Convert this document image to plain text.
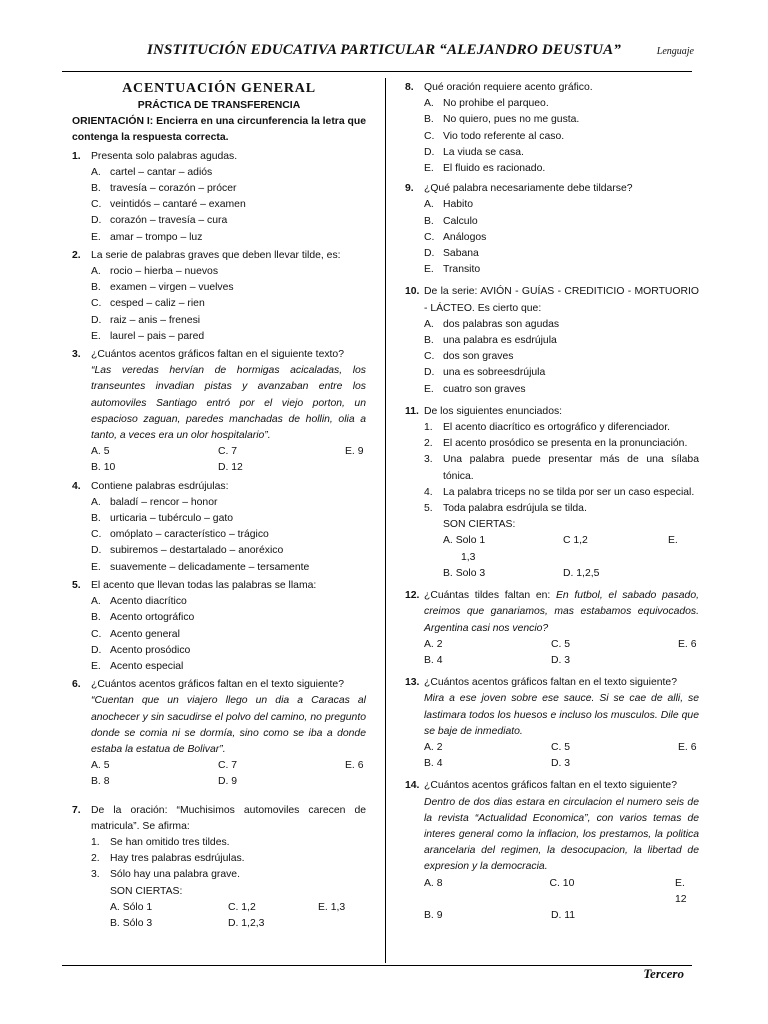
INSTITUCIÓN EDUCATIVA PARTICULAR “ALEJANDRO DEUSTUA”	Lenguaje
ACENTUACIÓN GENERAL
PRÁCTICA DE TRANSFERENCIA
ORIENTACIÓN I: Encierra en una circunferencia la letra que contenga la respuesta correcta.
1. Presenta solo palabras agudas.
A. cartel – cantar – adiós
B. travesía – corazón – prócer
C. veintidós – cantaré – examen
D. corazón – travesía – cura
E. amar – trompo – luz
2. La serie de palabras graves que deben llevar tilde, es:
A. rocio – hierba – nuevos
B. examen – virgen – vuelves
C. cesped – caliz – rien
D. raiz – anis – frenesi
E. laurel – pais – pared
3. ¿Cuántos acentos gráficos faltan en el siguiente texto?
“Las veredas hervían de hormigas acicaladas, los transeuntes invadian pistas y avanzaban entre los automoviles Santiago entró por el viejo porton, un espacioso zaguan, paredes manchadas de hollin, olia a tanto, a veces era un olor hospitalario”.
A. 5	C. 7	E. 9
B. 10	D. 12
4. Contiene palabras esdrújulas:
A. baladí – rencor – honor
B. urticaria – tubérculo – gato
C. omóplato – característico – trágico
D. subiremos – destartalado – anoréxico
E. suavemente – delicadamente – tersamente
5. El acento que llevan todas las palabras se llama:
A. Acento diacrítico
B. Acento ortográfico
C. Acento general
D. Acento prosódico
E. Acento especial
6. ¿Cuántos acentos gráficos faltan en el texto siguiente?
“Cuentan que un viajero llego un dia a Caracas al anochecer y sin sacudirse el polvo del camino, no pregunto donde se comia ni se dormía, sino como se iba a donde estaba la estatua de Bolivar”.
A. 5	C. 7	E. 6
B. 8	D. 9
7. De la oración: “Muchisimos automoviles carecen de matricula”. Se afirma:
1. Se han omitido tres tildes.
2. Hay tres palabras esdrújulas.
3. Sólo hay una palabra grave.
SON CIERTAS:
A. Sólo 1	C. 1,2	E. 1,3
B. Sólo 3	D. 1,2,3
8. Qué oración requiere acento gráfico.
A. No prohibe el parqueo.
B. No quiero, pues no me gusta.
C. Vio todo referente al caso.
D. La viuda se casa.
E. El fluido es racionado.
9. ¿Qué palabra necesariamente debe tildarse?
A. Habito
B. Calculo
C. Análogos
D. Sabana
E. Transito
10. De la serie: AVIÓN - GUÍAS - CREDITICIO - MORTUORIO - LÁCTEO. Es cierto que:
A. dos palabras son agudas
B. una palabra es esdrújula
C. dos son graves
D. una es sobreesdrújula
E. cuatro son graves
11. De los siguientes enunciados:
1. El acento diacrítico es ortográfico y diferenciador.
2. El acento prosódico se presenta en la pronunciación.
3. Una palabra puede presentar más de una sílaba tónica.
4. La palabra triceps no se tilda por ser un caso especial.
5. Toda palabra esdrújula se tilda.
SON CIERTAS:
A. Solo 1	C 1,2	E.
1,3
B. Solo 3	D. 1,2,5
12. ¿Cuántas tildes faltan en: En futbol, el sabado pasado, creimos que ganariamos, mas estabamos equivocados. Argentina casi nos vencio?
A. 2	C. 5	E. 6
B. 4	D. 3
13. ¿Cuántos acentos gráficos faltan en el texto siguiente?
Mira a ese joven sobre ese sauce. Si se cae de alli, se lastimara todos los huesos e incluso los musculos. Dile que se baje de inmediato.
A. 2	C. 5	E. 6
B. 4	D. 3
14. ¿Cuántos acentos gráficos faltan en el texto siguiente?
Dentro de dos dias estara en circulacion el numero seis de la revista “Actualidad Economica”, con varios temas de interes general como la inflacion, los prestamos, la politica arancelaria del regimen, la desocupacion, la libertad de expresion y la democracia.
A. 8	C. 10	E. 12
B. 9	D. 11
Tercero
